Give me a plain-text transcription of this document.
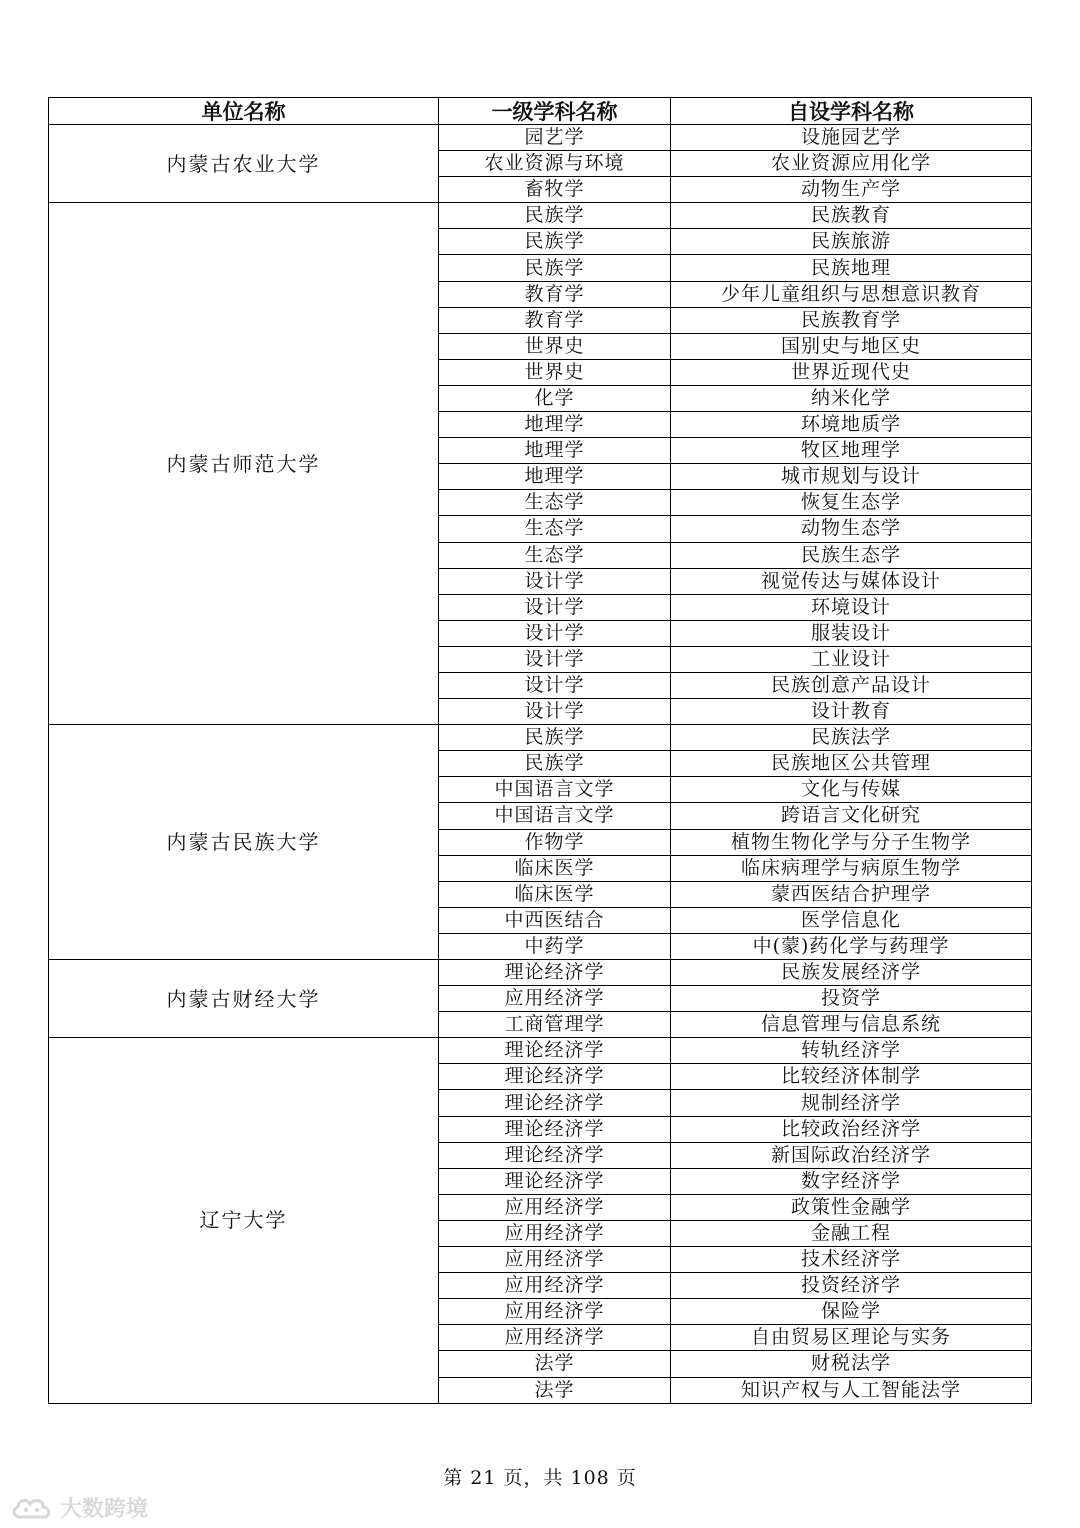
单位名称	一级学科名称	自设学科名称
内蒙古农业大学	园艺学	设施园艺学
	农业资源与环境	农业资源应用化学
	畜牧学	动物生产学
内蒙古师范大学	民族学	民族教育
	民族学	民族旅游
	民族学	民族地理
	教育学	少年儿童组织与思想意识教育
	教育学	民族教育学
	世界史	国别史与地区史
	世界史	世界近现代史
	化学	纳米化学
	地理学	环境地质学
	地理学	牧区地理学
	地理学	城市规划与设计
	生态学	恢复生态学
	生态学	动物生态学
	生态学	民族生态学
	设计学	视觉传达与媒体设计
	设计学	环境设计
	设计学	服装设计
	设计学	工业设计
	设计学	民族创意产品设计
	设计学	设计教育
内蒙古民族大学	民族学	民族法学
	民族学	民族地区公共管理
	中国语言文学	文化与传媒
	中国语言文学	跨语言文化研究
	作物学	植物生物化学与分子生物学
	临床医学	临床病理学与病原生物学
	临床医学	蒙西医结合护理学
	中西医结合	医学信息化
	中药学	中(蒙)药化学与药理学
内蒙古财经大学	理论经济学	民族发展经济学
	应用经济学	投资学
	工商管理学	信息管理与信息系统
辽宁大学	理论经济学	转轨经济学
	理论经济学	比较经济体制学
	理论经济学	规制经济学
	理论经济学	比较政治经济学
	理论经济学	新国际政治经济学
	理论经济学	数字经济学
	应用经济学	政策性金融学
	应用经济学	金融工程
	应用经济学	技术经济学
	应用经济学	投资经济学
	应用经济学	保险学
	应用经济学	自由贸易区理论与实务
	法学	财税法学
	法学	知识产权与人工智能法学
第 21 页，共 108 页
大数跨境
